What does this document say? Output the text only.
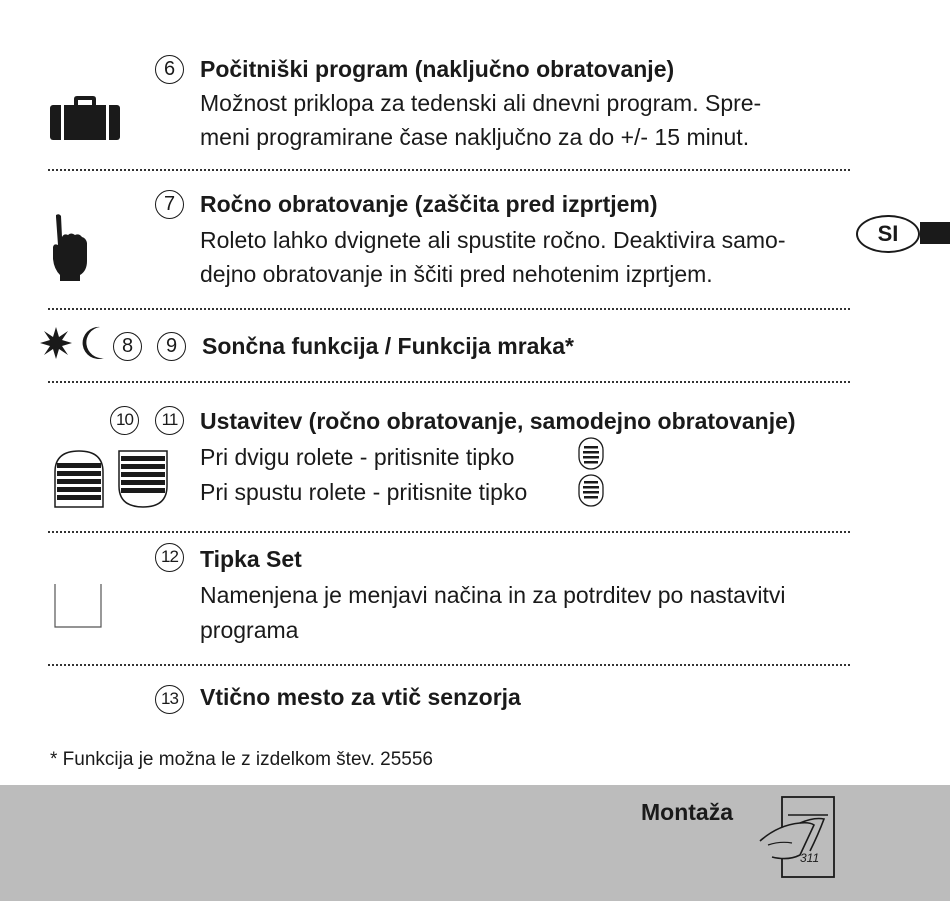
6	Počitniški program (naključno obratovanje)
Možnost priklopa za tedenski ali dnevni program. Spre-
meni programirane čase naključno za do +/- 15 minut.
7	Ročno obratovanje (zaščita pred izprtjem)
Roleto lahko dvignete ali spustite ročno. Deaktivira samo-
dejno obratovanje in ščiti pred nehotenim izprtjem.
SI
8	9	Sončna funkcija / Funkcija mraka*
10	11 Ustavitev (ročno obratovanje, samodejno obratovanje)
Pri dvigu rolete - pritisnite tipko
Pri spustu rolete - pritisnite tipko
12 Tipka Set
Namenjena je menjavi načina in za potrditev po nastavitvi
programa
13 Vtično mesto za vtič senzorja
* Funkcija je možna le z izdelkom štev. 25556
Montaža
311
